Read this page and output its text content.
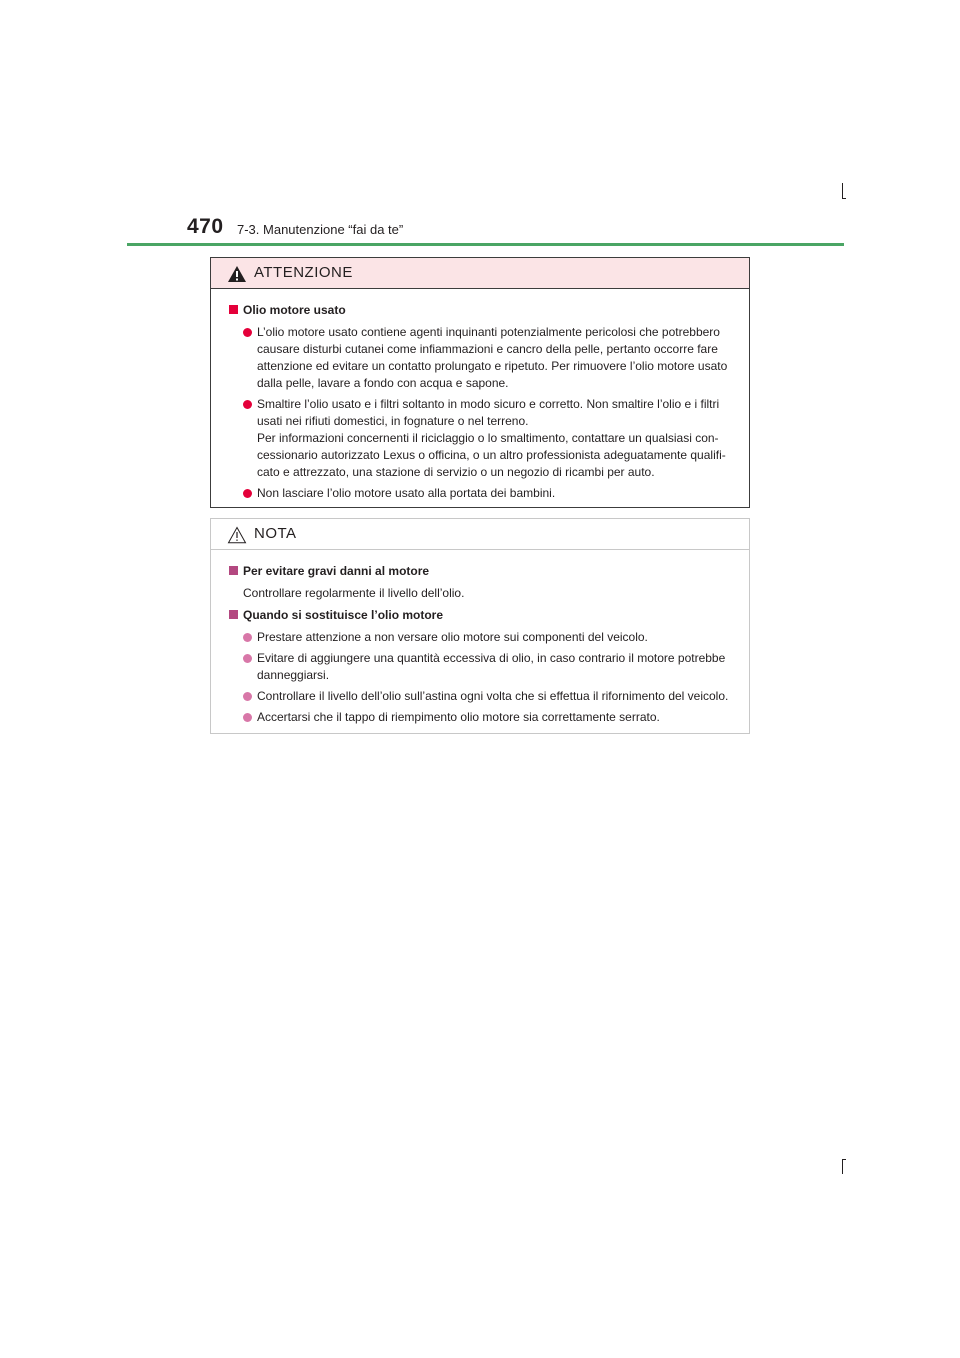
470 7-3. Manutenzione “fai da te”
ATTENZIONE
Olio motore usato
L’olio motore usato contiene agenti inquinanti potenzialmente pericolosi che potrebbero
causare disturbi cutanei come infiammazioni e cancro della pelle, pertanto occorre fare
attenzione ed evitare un contatto prolungato e ripetuto. Per rimuovere l’olio motore usato
dalla pelle, lavare a fondo con acqua e sapone.
Smaltire l’olio usato e i filtri soltanto in modo sicuro e corretto. Non smaltire l’olio e i filtri
usati nei rifiuti domestici, in fognature o nel terreno.
Per informazioni concernenti il riciclaggio o lo smaltimento, contattare un qualsiasi con-
cessionario autorizzato Lexus o officina, o un altro professionista adeguatamente qualifi-
cato e attrezzato, una stazione di servizio o un negozio di ricambi per auto.
Non lasciare l’olio motore usato alla portata dei bambini.
NOTA
Per evitare gravi danni al motore
Controllare regolarmente il livello dell’olio.
Quando si sostituisce l’olio motore
Prestare attenzione a non versare olio motore sui componenti del veicolo.
Evitare di aggiungere una quantità eccessiva di olio, in caso contrario il motore potrebbe
danneggiarsi.
Controllare il livello dell’olio sull’astina ogni volta che si effettua il rifornimento del veicolo.
Accertarsi che il tappo di riempimento olio motore sia correttamente serrato.
